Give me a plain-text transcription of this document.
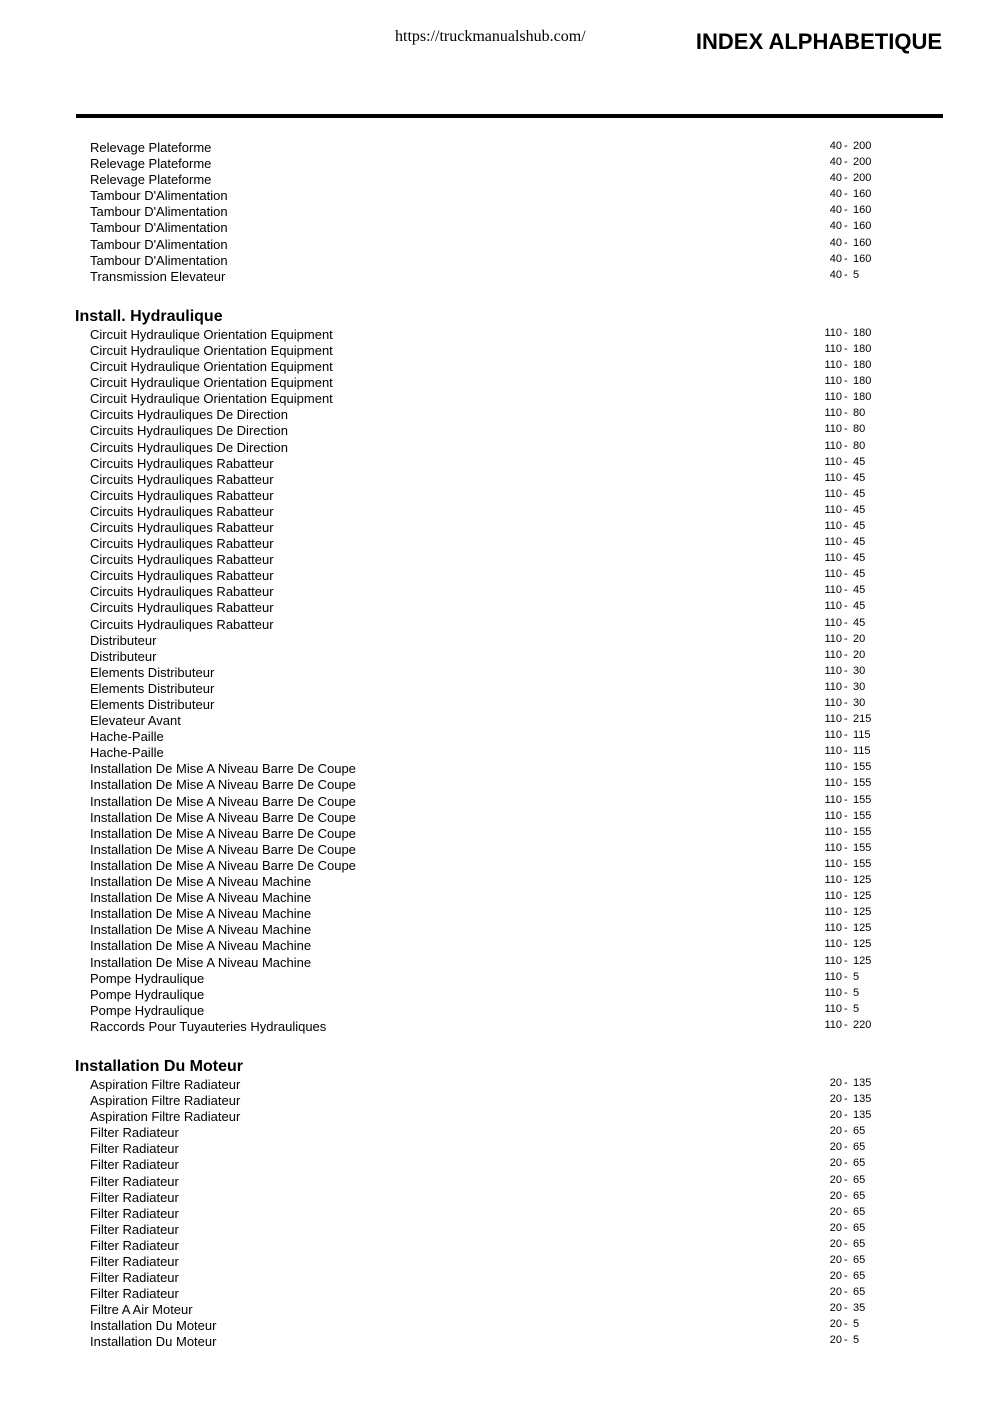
https://truckmanualshub.com/	INDEX ALPHABETIQUE
Relevage Plateforme	40 - 200
Relevage Plateforme	40 - 200
Relevage Plateforme	40 - 200
Tambour D'Alimentation	40 - 160
Tambour D'Alimentation	40 - 160
Tambour D'Alimentation	40 - 160
Tambour D'Alimentation	40 - 160
Tambour D'Alimentation	40 - 160
Transmission Elevateur	40 - 5
Install. Hydraulique
Circuit Hydraulique Orientation Equipment	110 - 180
Circuit Hydraulique Orientation Equipment	110 - 180
Circuit Hydraulique Orientation Equipment	110 - 180
Circuit Hydraulique Orientation Equipment	110 - 180
Circuit Hydraulique Orientation Equipment	110 - 180
Circuits Hydrauliques De Direction	110 - 80
Circuits Hydrauliques De Direction	110 - 80
Circuits Hydrauliques De Direction	110 - 80
Circuits Hydrauliques Rabatteur	110 - 45
Circuits Hydrauliques Rabatteur	110 - 45
Circuits Hydrauliques Rabatteur	110 - 45
Circuits Hydrauliques Rabatteur	110 - 45
Circuits Hydrauliques Rabatteur	110 - 45
Circuits Hydrauliques Rabatteur	110 - 45
Circuits Hydrauliques Rabatteur	110 - 45
Circuits Hydrauliques Rabatteur	110 - 45
Circuits Hydrauliques Rabatteur	110 - 45
Circuits Hydrauliques Rabatteur	110 - 45
Circuits Hydrauliques Rabatteur	110 - 45
Distributeur	110 - 20
Distributeur	110 - 20
Elements Distributeur	110 - 30
Elements Distributeur	110 - 30
Elements Distributeur	110 - 30
Elevateur Avant	110 - 215
Hache-Paille	110 - 115
Hache-Paille	110 - 115
Installation De Mise A Niveau Barre De Coupe	110 - 155
Installation De Mise A Niveau Barre De Coupe	110 - 155
Installation De Mise A Niveau Barre De Coupe	110 - 155
Installation De Mise A Niveau Barre De Coupe	110 - 155
Installation De Mise A Niveau Barre De Coupe	110 - 155
Installation De Mise A Niveau Barre De Coupe	110 - 155
Installation De Mise A Niveau Barre De Coupe	110 - 155
Installation De Mise A Niveau Machine	110 - 125
Installation De Mise A Niveau Machine	110 - 125
Installation De Mise A Niveau Machine	110 - 125
Installation De Mise A Niveau Machine	110 - 125
Installation De Mise A Niveau Machine	110 - 125
Installation De Mise A Niveau Machine	110 - 125
Pompe Hydraulique	110 - 5
Pompe Hydraulique	110 - 5
Pompe Hydraulique	110 - 5
Raccords Pour Tuyauteries Hydrauliques	110 - 220
Installation Du Moteur
Aspiration Filtre Radiateur	20 - 135
Aspiration Filtre Radiateur	20 - 135
Aspiration Filtre Radiateur	20 - 135
Filter Radiateur	20 - 65
Filter Radiateur	20 - 65
Filter Radiateur	20 - 65
Filter Radiateur	20 - 65
Filter Radiateur	20 - 65
Filter Radiateur	20 - 65
Filter Radiateur	20 - 65
Filter Radiateur	20 - 65
Filter Radiateur	20 - 65
Filter Radiateur	20 - 65
Filter Radiateur	20 - 65
Filtre A Air Moteur	20 - 35
Installation Du Moteur	20 - 5
Installation Du Moteur	20 - 5
